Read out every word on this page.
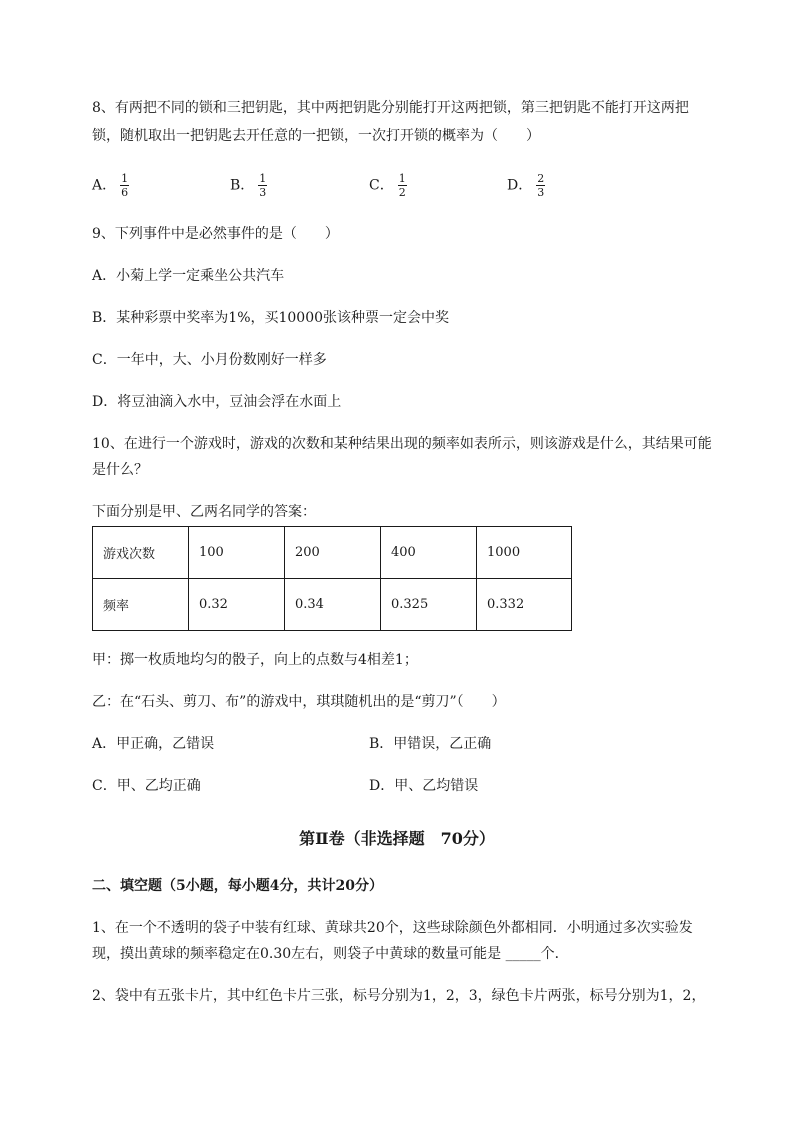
8、有两把不同的锁和三把钥匙，其中两把钥匙分别能打开这两把锁，第三把钥匙不能打开这两把
锁，随机取出一把钥匙去开任意的一把锁，一次打开锁的概率为（　　）
A． $\frac{1}{6}$	B． $\frac{1}{3}$	C． $\frac{1}{2}$	D． $\frac{2}{3}$
9、下列事件中是必然事件的是（　　）
A．小菊上学一定乘坐公共汽车
B．某种彩票中奖率为1%，买10000张该种票一定会中奖
C．一年中，大、小月份数刚好一样多
D．将豆油滴入水中，豆油会浮在水面上
10、在进行一个游戏时，游戏的次数和某种结果出现的频率如表所示，则该游戏是什么，其结果可能
是什么？
下面分别是甲、乙两名同学的答案：
游戏次数	100	200	400	1000
频率	0.32	0.34	0.325	0.332
甲：掷一枚质地均匀的骰子，向上的点数与4相差1；
乙：在“石头、剪刀、布”的游戏中，琪琪随机出的是“剪刀”（　　）
A．甲正确，乙错误	B．甲错误，乙正确
C．甲、乙均正确	D．甲、乙均错误
第Ⅱ卷（非选择题　70分）
二、填空题（5小题，每小题4分，共计20分）
1、在一个不透明的袋子中装有红球、黄球共20个，这些球除颜色外都相同．小明通过多次实验发
现，摸出黄球的频率稳定在0.30左右，则袋子中黄球的数量可能是 _____个．
2、袋中有五张卡片，其中红色卡片三张，标号分别为1，2，3，绿色卡片两张，标号分别为1，2，
